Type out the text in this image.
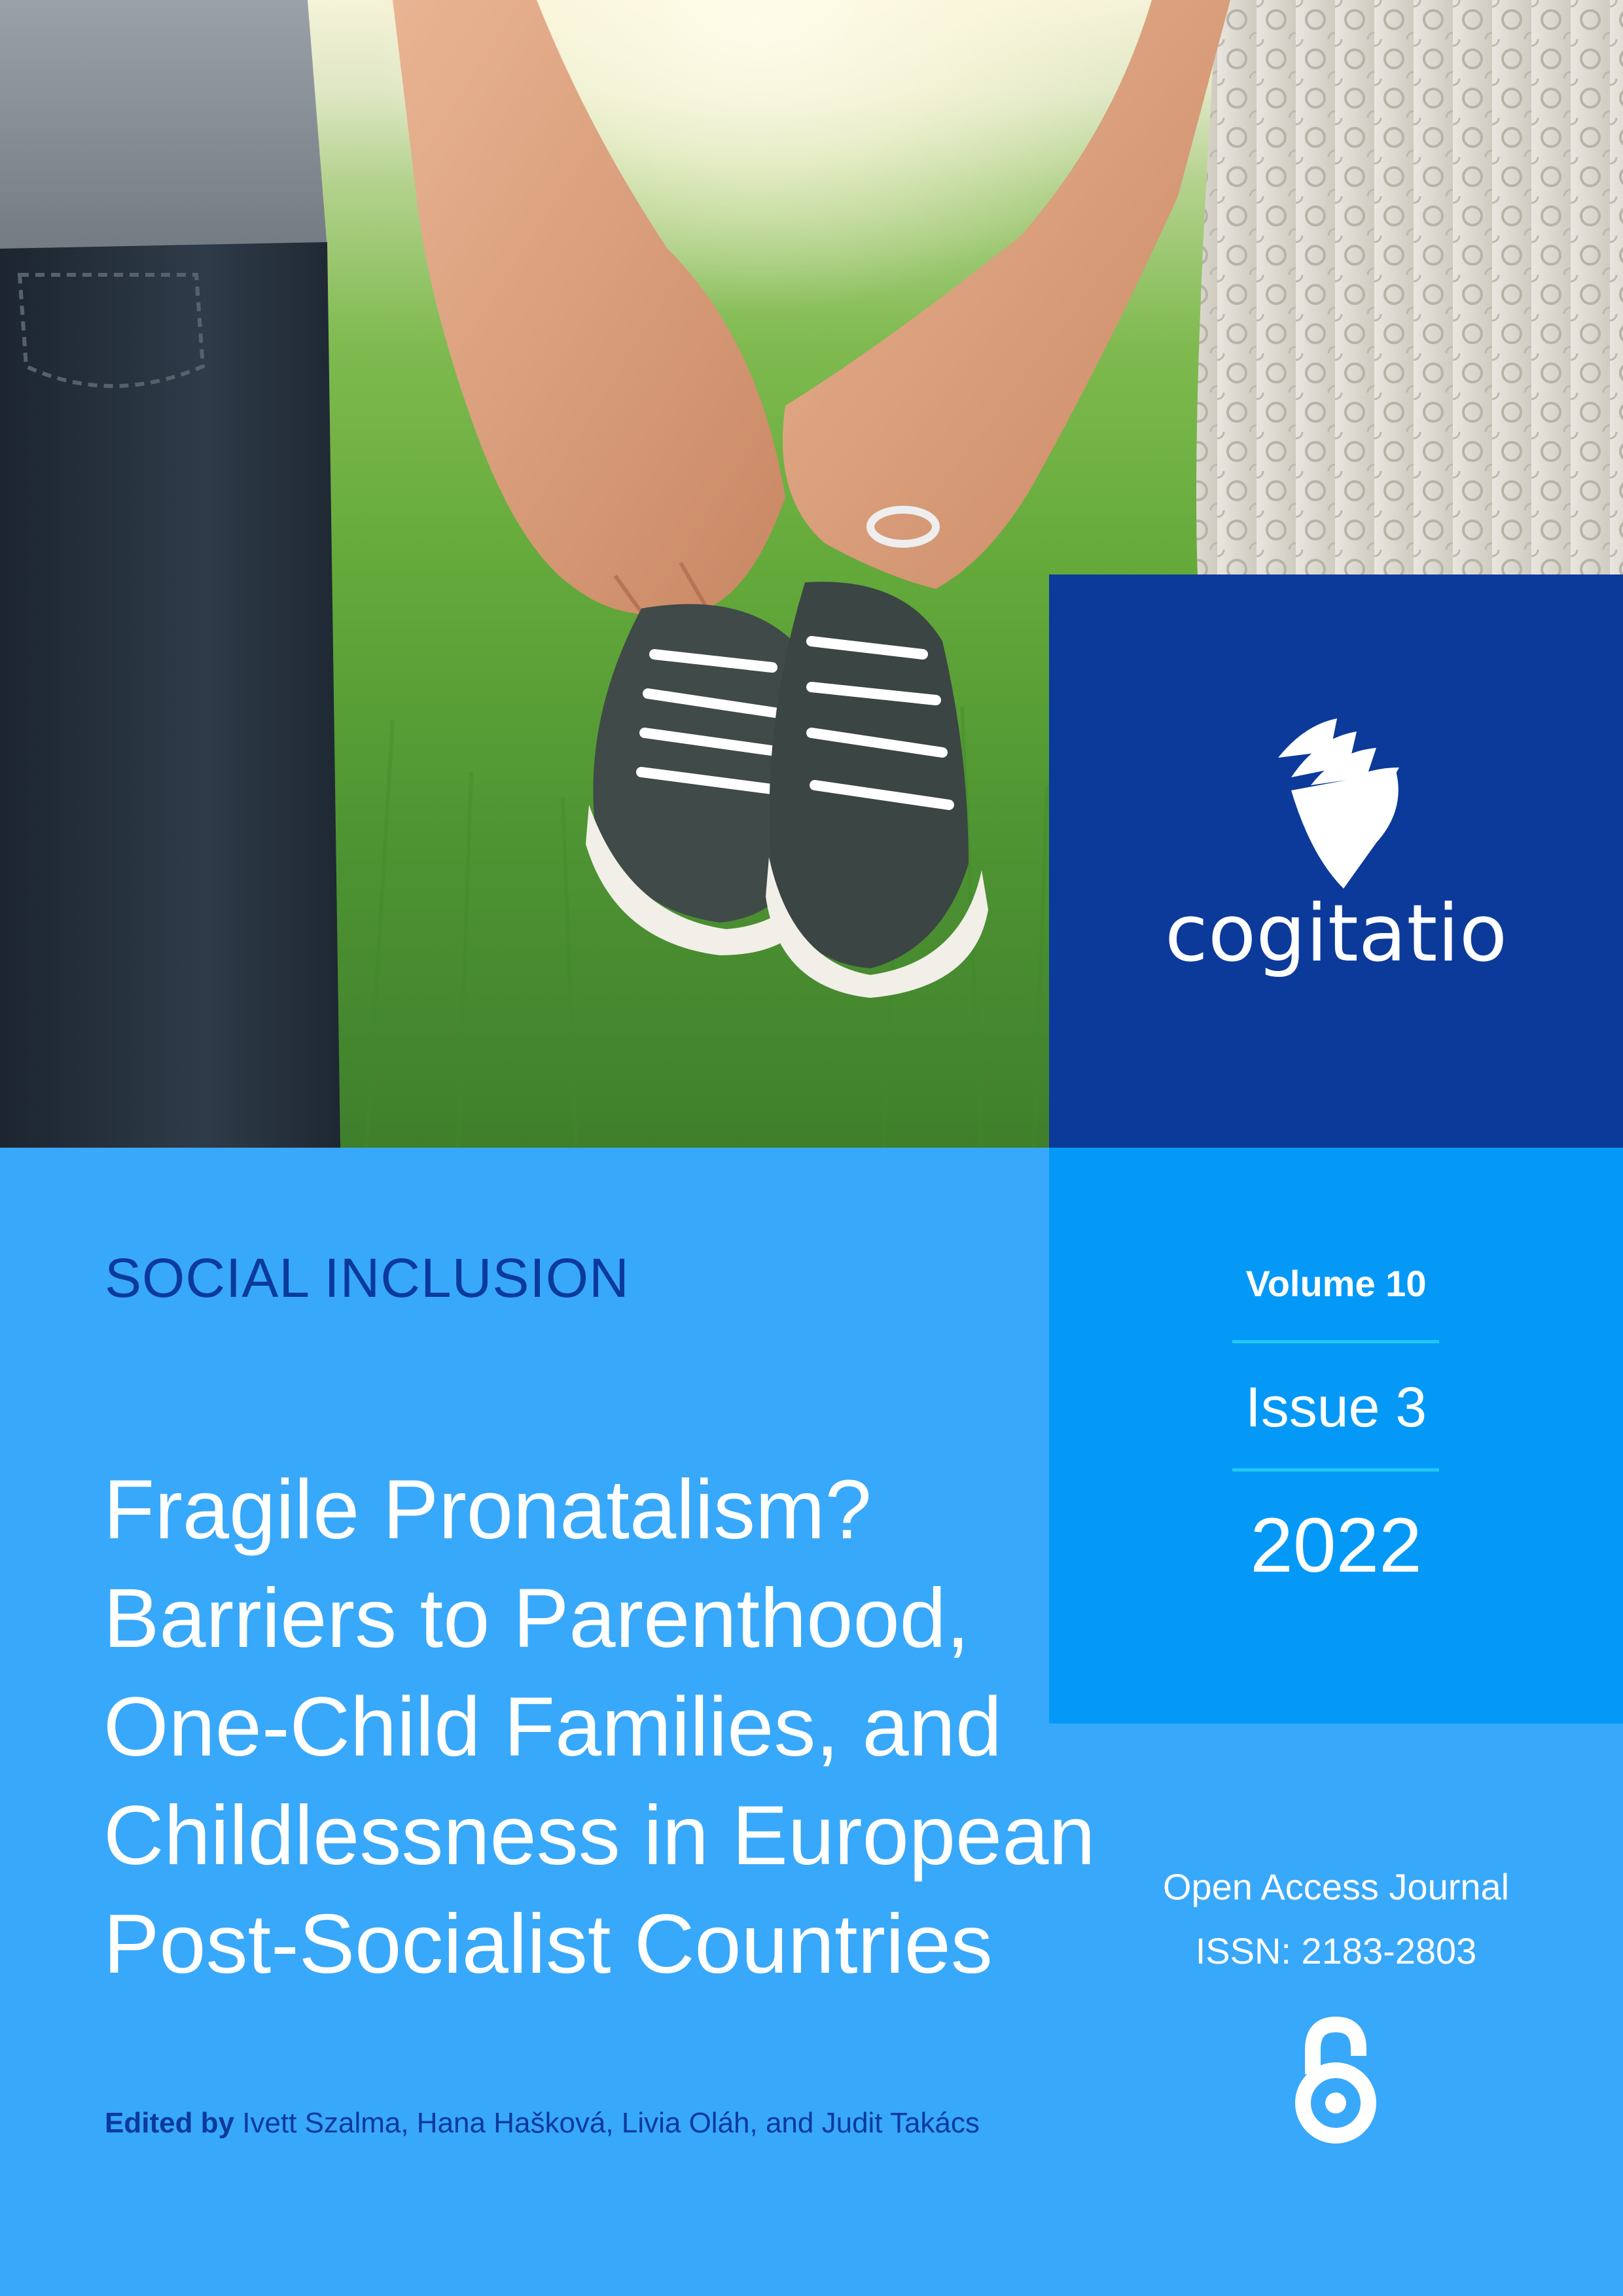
cogitatio
Volume 10
Issue 3
2022
SOCIAL INCLUSION
Fragile Pronatalism?
Barriers to Parenthood,
One-Child Families, and
Childlessness in European
Post-Socialist Countries
Edited by Ivett Szalma, Hana Hašková, Livia Oláh, and Judit Takács
Open Access Journal
ISSN: 2183-2803
